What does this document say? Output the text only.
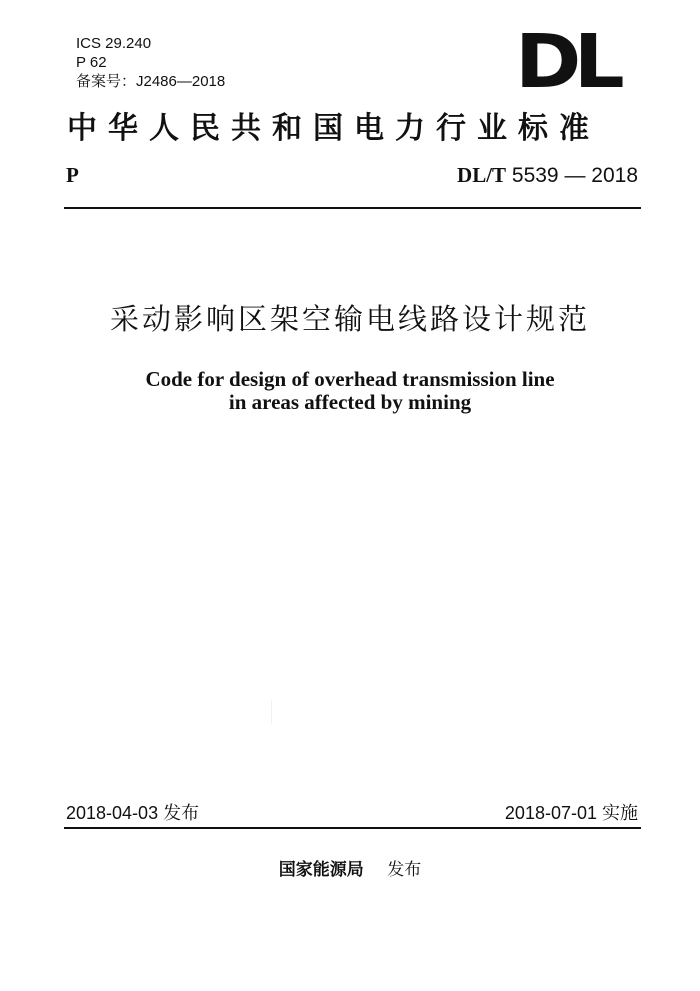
ICS 29.240
P 62
备案号：J2486—2018	DL
中华人民共和国电力行业标准
P	DL/T 5539 — 2018
采动影响区架空输电线路设计规范
Code for design of overhead transmission line
in areas affected by mining
2018-04-03 发布	2018-07-01 实施
国家能源局 发布
